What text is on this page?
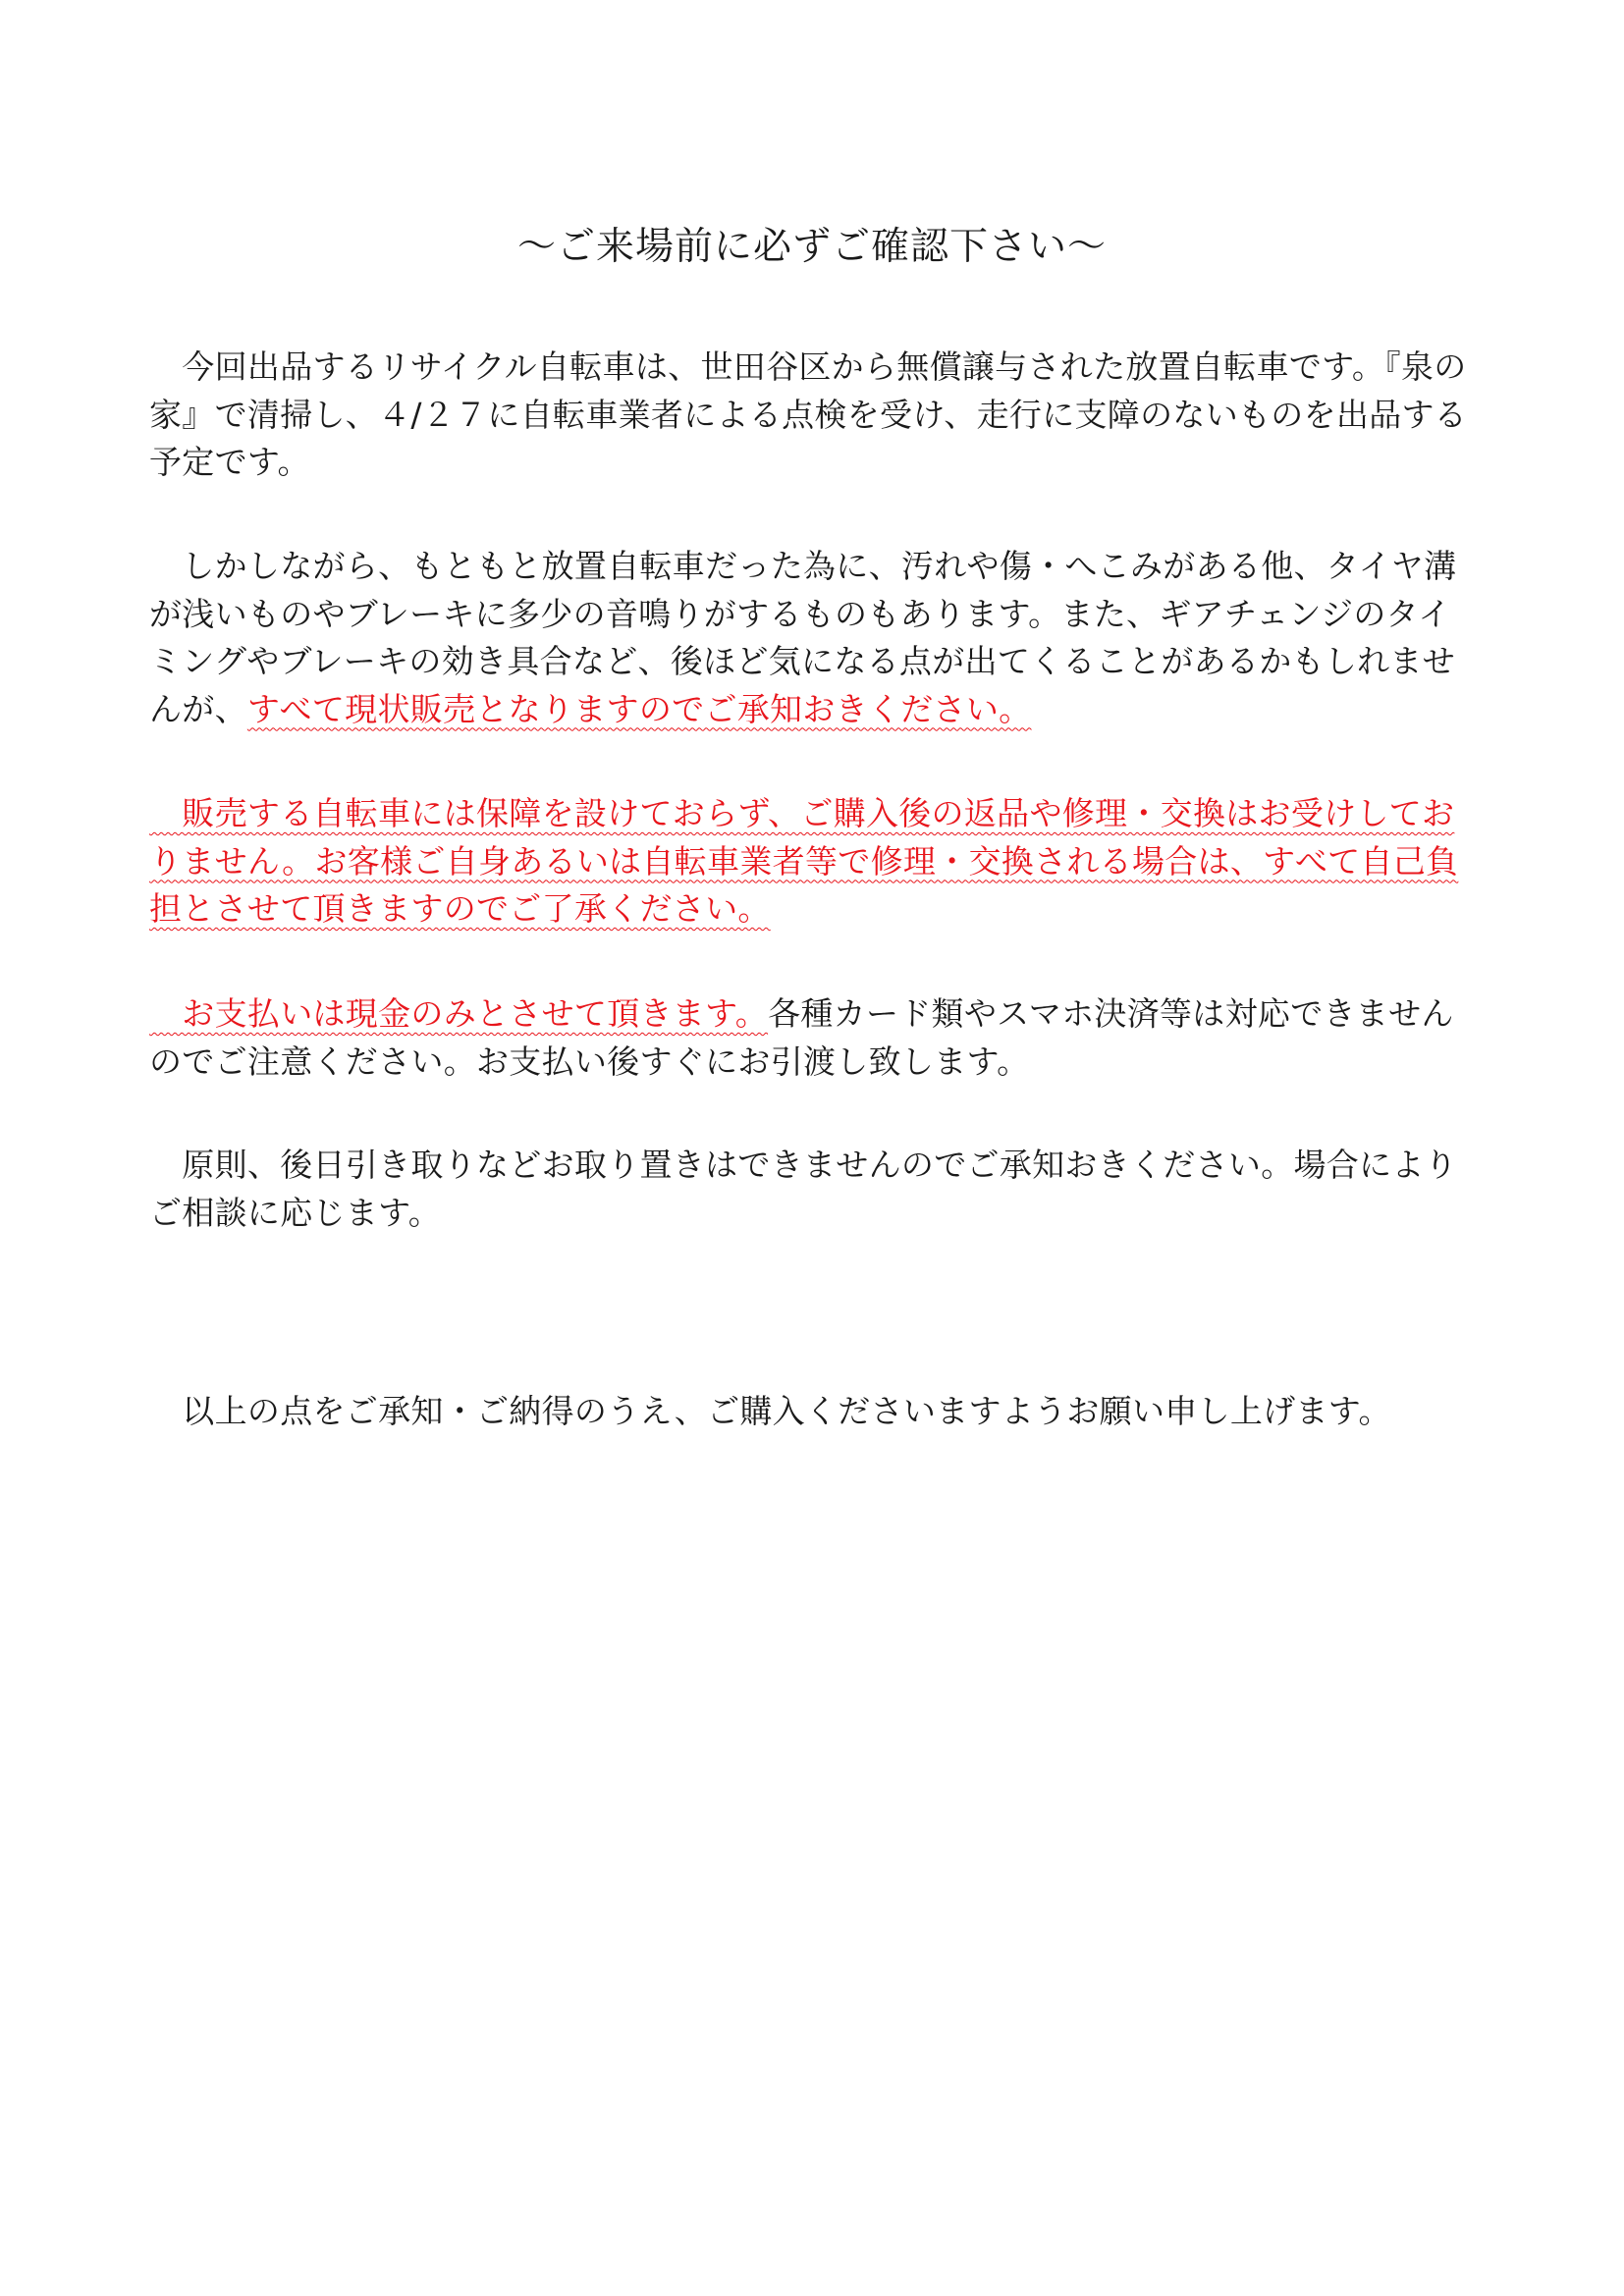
～ご来場前に必ずご確認下さい～

　今回出品するリサイクル自転車は、世田谷区から無償譲与された放置自転車です。『泉の
家』で清掃し、４/２７に自転車業者による点検を受け、走行に支障のないものを出品する
予定です。

　しかしながら、もともと放置自転車だった為に、汚れや傷・へこみがある他、タイヤ溝
が浅いものやブレーキに多少の音鳴りがするものもあります。また、ギアチェンジのタイ
ミングやブレーキの効き具合など、後ほど気になる点が出てくることがあるかもしれませ
んが、すべて現状販売となりますのでご承知おきください。

　販売する自転車には保障を設けておらず、ご購入後の返品や修理・交換はお受けしてお
りません。お客様ご自身あるいは自転車業者等で修理・交換される場合は、すべて自己負
担とさせて頂きますのでご了承ください。

　お支払いは現金のみとさせて頂きます。各種カード類やスマホ決済等は対応できません
のでご注意ください。お支払い後すぐにお引渡し致します。

　原則、後日引き取りなどお取り置きはできませんのでご承知おきください。場合により
ご相談に応じます。

　以上の点をご承知・ご納得のうえ、ご購入くださいますようお願い申し上げます。
